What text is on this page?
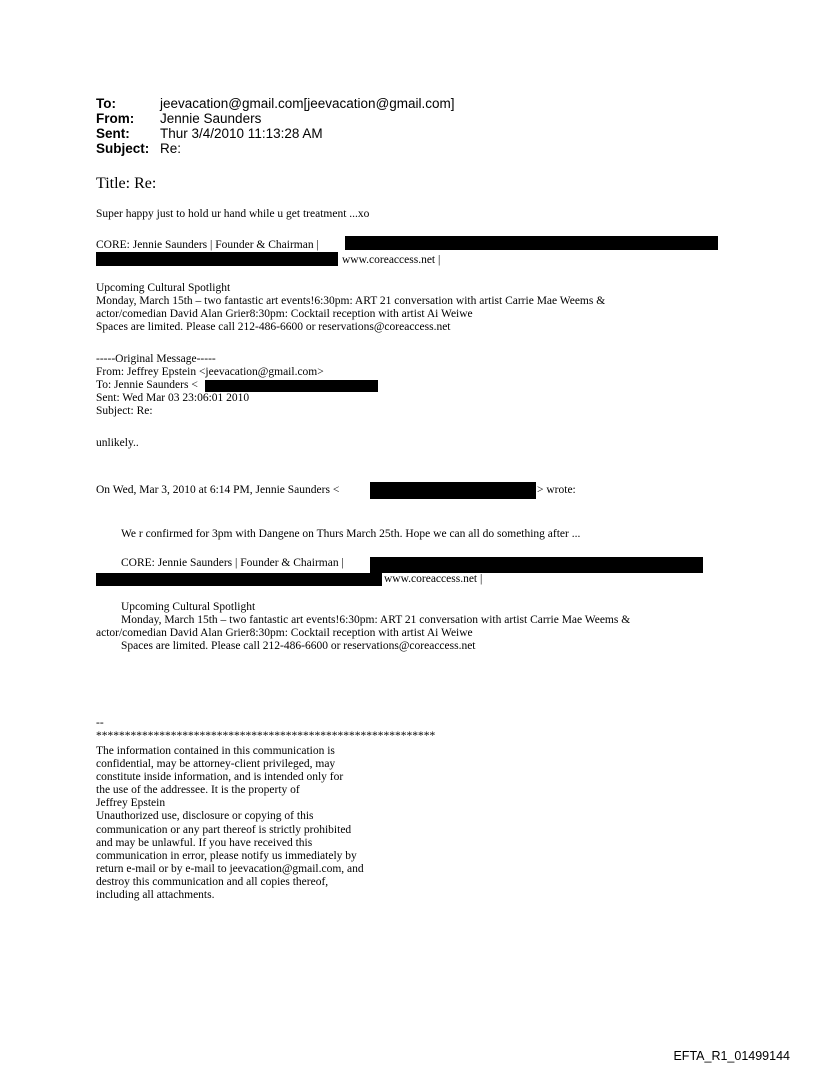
To:	jeevacation@gmail.com[jeevacation@gmail.com]
From:	Jennie Saunders
Sent:	Thur 3/4/2010 11:13:28 AM
Subject: Re:
Title: Re:
Super happy just to hold ur hand while u get treatment ...xo
CORE: Jennie Saunders | Founder & Chairman |
www.coreaccess.net |
Upcoming Cultural Spotlight
Monday, March 15th – two fantastic art events!6:30pm: ART 21 conversation with artist Carrie Mae Weems &
actor/comedian David Alan Grier8:30pm: Cocktail reception with artist Ai Weiwe
Spaces are limited. Please call 212-486-6600 or reservations@coreaccess.net
-----Original Message-----
From: Jeffrey Epstein <jeevacation@gmail.com>
To: Jennie Saunders <
Sent: Wed Mar 03 23:06:01 2010
Subject: Re:
unlikely..
On Wed, Mar 3, 2010 at 6:14 PM, Jennie Saunders <	> wrote:
We r confirmed for 3pm with Dangene on Thurs March 25th. Hope we can all do something after ...
CORE: Jennie Saunders | Founder & Chairman |
www.coreaccess.net |
Upcoming Cultural Spotlight
Monday, March 15th – two fantastic art events!6:30pm: ART 21 conversation with artist Carrie Mae Weems &
actor/comedian David Alan Grier8:30pm: Cocktail reception with artist Ai Weiwe
Spaces are limited. Please call 212-486-6600 or reservations@coreaccess.net
--
***********************************************************
The information contained in this communication is
confidential, may be attorney-client privileged, may
constitute inside information, and is intended only for
the use of the addressee. It is the property of
Jeffrey Epstein
Unauthorized use, disclosure or copying of this
communication or any part thereof is strictly prohibited
and may be unlawful. If you have received this
communication in error, please notify us immediately by
return e-mail or by e-mail to jeevacation@gmail.com, and
destroy this communication and all copies thereof,
including all attachments.
EFTA_R1_01499144
